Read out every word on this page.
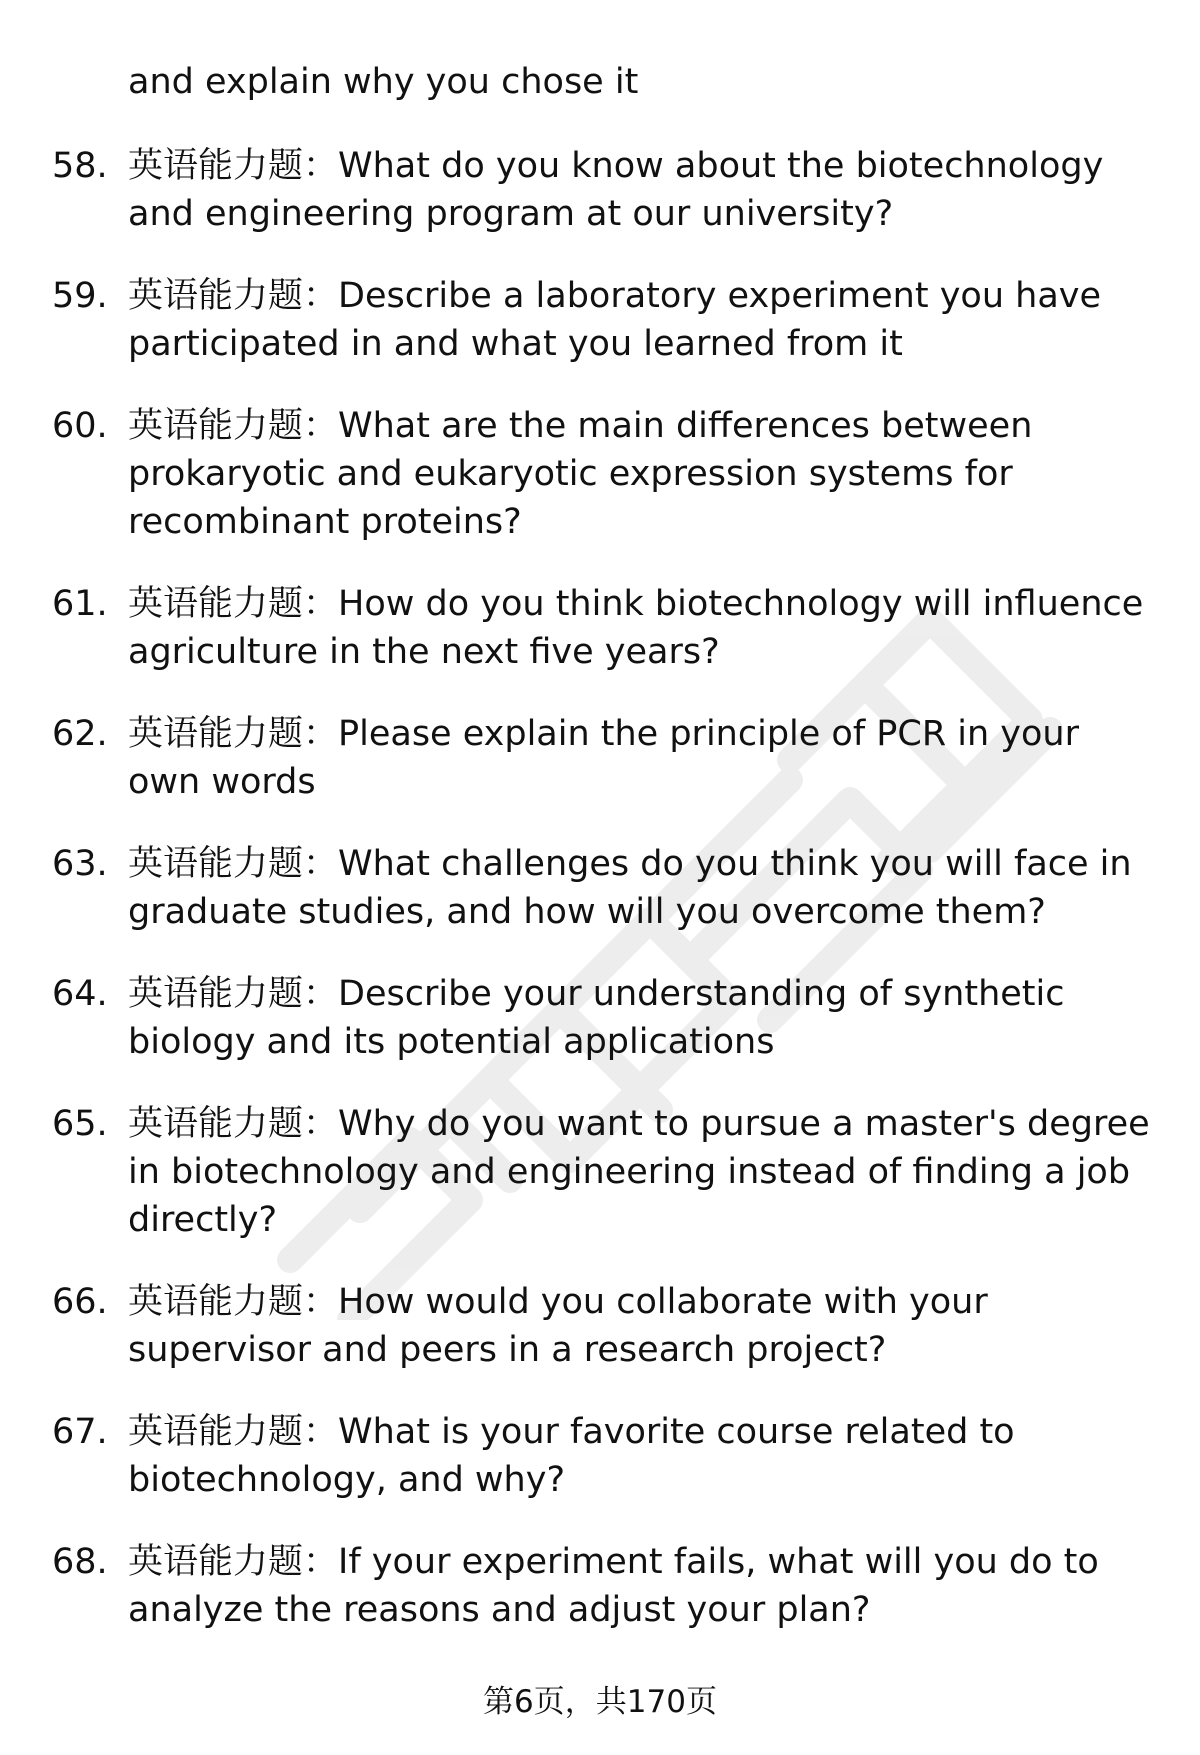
and explain why you chose it
58. 英语能力题：What do you know about the biotechnology and engineering program at our university?
59. 英语能力题：Describe a laboratory experiment you have participated in and what you learned from it
60. 英语能力题：What are the main differences between prokaryotic and eukaryotic expression systems for recombinant proteins?
61. 英语能力题：How do you think biotechnology will influence agriculture in the next five years?
62. 英语能力题：Please explain the principle of PCR in your own words
63. 英语能力题：What challenges do you think you will face in graduate studies, and how will you overcome them?
64. 英语能力题：Describe your understanding of synthetic biology and its potential applications
65. 英语能力题：Why do you want to pursue a master's degree in biotechnology and engineering instead of finding a job directly?
66. 英语能力题：How would you collaborate with your supervisor and peers in a research project?
67. 英语能力题：What is your favorite course related to biotechnology, and why?
68. 英语能力题：If your experiment fails, what will you do to analyze the reasons and adjust your plan?
第6页，共170页
